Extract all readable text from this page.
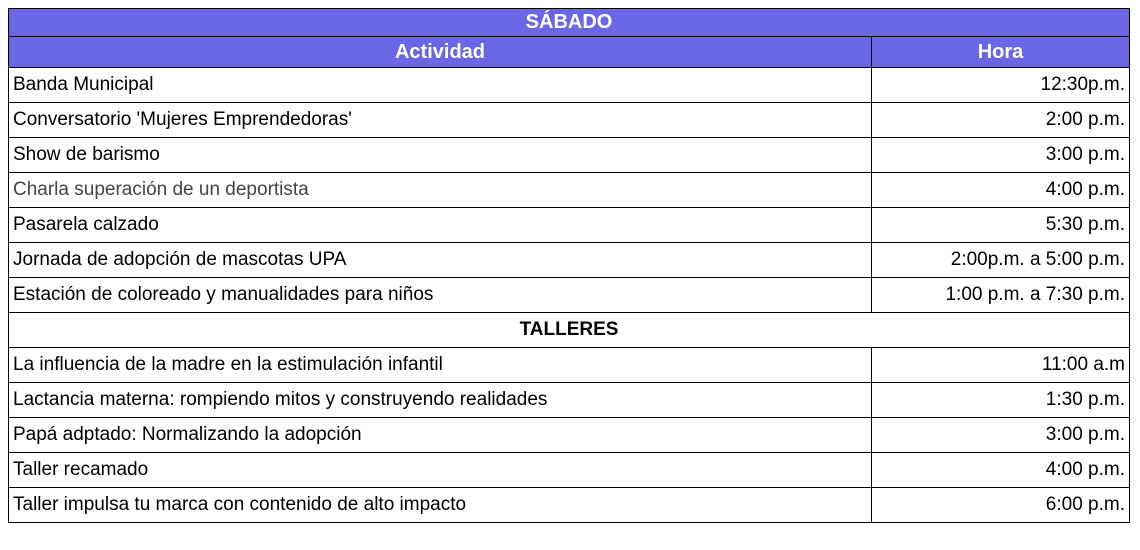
SÁBADO	
Actividad	Hora
Banda Municipal	12:30p.m.
Conversatorio 'Mujeres Emprendedoras'	2:00 p.m.
Show de barismo	3:00 p.m.
Charla superación de un deportista	4:00 p.m.
Pasarela calzado	5:30 p.m.
Jornada de adopción de mascotas UPA	2:00p.m. a 5:00 p.m.
Estación de coloreado y manualidades para niños	1:00 p.m. a 7:30 p.m.
TALLERES	
La influencia de la madre en la estimulación infantil	11:00 a.m
Lactancia materna: rompiendo mitos y construyendo realidades	1:30 p.m.
Papá adptado: Normalizando la adopción	3:00 p.m.
Taller recamado	4:00 p.m.
Taller impulsa tu marca con contenido de alto impacto	6:00 p.m.
